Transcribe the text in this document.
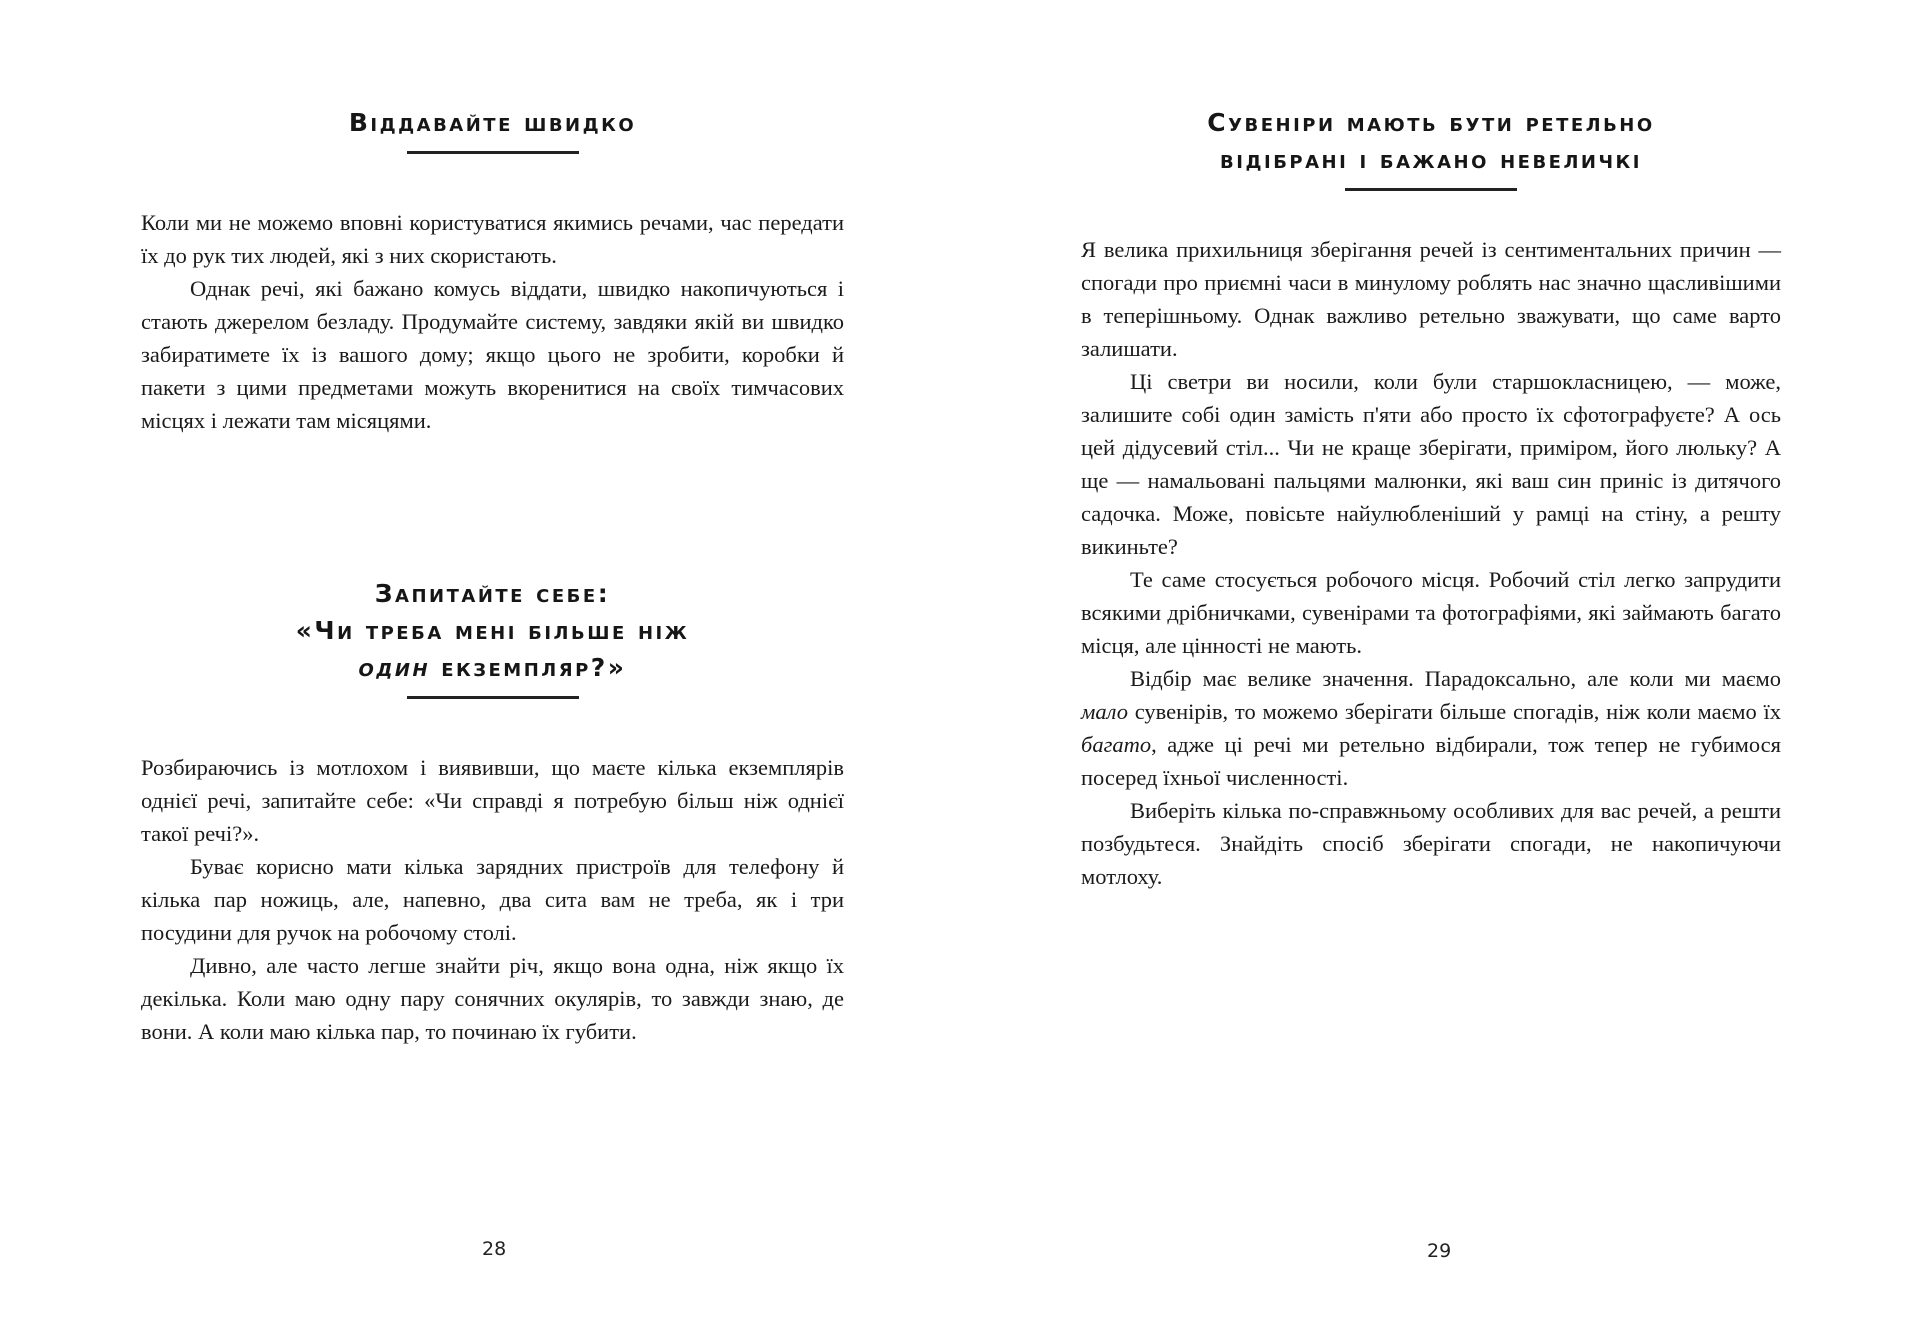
Віддавайте швидко

Коли ми не можемо вповні користуватися якимись речами, час передати їх до рук тих людей, які з них скористають.

Однак речі, які бажано комусь віддати, швидко накопичуються і стають джерелом безладу. Продумайте систему, завдяки якій ви швидко забиратимете їх із вашого дому; якщо цього не зробити, коробки й пакети з цими предметами можуть вкоренитися на своїх тимчасових місцях і лежати там місяцями.

Запитайте себе:
«Чи треба мені більше ніж
один екземпляр?»

Розбираючись із мотлохом і виявивши, що маєте кілька екземплярів однієї речі, запитайте себе: «Чи справді я потребую більш ніж однієї такої речі?».

Буває корисно мати кілька зарядних пристроїв для телефону й кілька пар ножиць, але, напевно, два сита вам не треба, як і три посудини для ручок на робочому столі.

Дивно, але часто легше знайти річ, якщо вона одна, ніж якщо їх декілька. Коли маю одну пару сонячних окулярів, то завжди знаю, де вони. А коли маю кілька пар, то починаю їх губити.

28
Сувеніри мають бути ретельно
відібрані і бажано невеличкі

Я велика прихильниця зберігання речей із сентиментальних причин — спогади про приємні часи в минулому роблять нас значно щасливішими в теперішньому. Однак важливо ретельно зважувати, що саме варто залишати.

Ці светри ви носили, коли були старшокласницею, — може, залишите собі один замість п'яти або просто їх сфотографуєте? А ось цей дідусевий стіл... Чи не краще зберігати, приміром, його люльку? А ще — намальовані пальцями малюнки, які ваш син приніс із дитячого садочка. Може, повісьте найулюбленіший у рамці на стіну, а решту викиньте?

Те саме стосується робочого місця. Робочий стіл легко запрудити всякими дрібничками, сувенірами та фотографіями, які займають багато місця, але цінності не мають.

Відбір має велике значення. Парадоксально, але коли ми маємо мало сувенірів, то можемо зберігати більше спогадів, ніж коли маємо їх багато, адже ці речі ми ретельно відбирали, тож тепер не губимося посеред їхньої численності.

Виберіть кілька по-справжньому особливих для вас речей, а решти позбудьтеся. Знайдіть спосіб зберігати спогади, не накопичуючи мотлоху.

29
